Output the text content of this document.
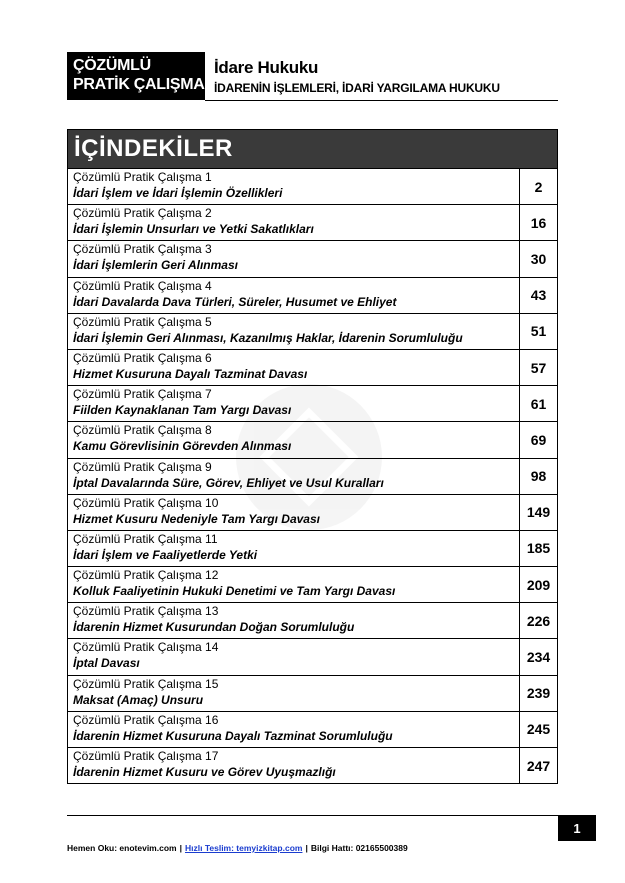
ÇÖZÜMLÜ
PRATİK ÇALIŞMA
İdare Hukuku
İDARENİN İŞLEMLERİ, İDARİ YARGILAMA HUKUKU
İÇİNDEKİLER
Çözümlü Pratik Çalışma 1
İdari İşlem ve İdari İşlemin Özellikleri	2
Çözümlü Pratik Çalışma 2
İdari İşlemin Unsurları ve Yetki Sakatlıkları	16
Çözümlü Pratik Çalışma 3
İdari İşlemlerin Geri Alınması	30
Çözümlü Pratik Çalışma 4
İdari Davalarda Dava Türleri, Süreler, Husumet ve Ehliyet	43
Çözümlü Pratik Çalışma 5
İdari İşlemin Geri Alınması, Kazanılmış Haklar, İdarenin Sorumluluğu	51
Çözümlü Pratik Çalışma 6
Hizmet Kusuruna Dayalı Tazminat Davası	57
Çözümlü Pratik Çalışma 7
Fiilden Kaynaklanan Tam Yargı Davası	61
Çözümlü Pratik Çalışma 8
Kamu Görevlisinin Görevden Alınması	69
Çözümlü Pratik Çalışma 9
İptal Davalarında Süre, Görev, Ehliyet ve Usul Kuralları	98
Çözümlü Pratik Çalışma 10
Hizmet Kusuru Nedeniyle Tam Yargı Davası	149
Çözümlü Pratik Çalışma 11
İdari İşlem ve Faaliyetlerde Yetki	185
Çözümlü Pratik Çalışma 12
Kolluk Faaliyetinin Hukuki Denetimi ve Tam Yargı Davası	209
Çözümlü Pratik Çalışma 13
İdarenin Hizmet Kusurundan Doğan Sorumluluğu	226
Çözümlü Pratik Çalışma 14
İptal Davası	234
Çözümlü Pratik Çalışma 15
Maksat (Amaç) Unsuru	239
Çözümlü Pratik Çalışma 16
İdarenin Hizmet Kusuruna Dayalı Tazminat Sorumluluğu	245
Çözümlü Pratik Çalışma 17
İdarenin Hizmet Kusuru ve Görev Uyuşmazlığı	247
1
Hemen Oku: enotevim.com | Hızlı Teslim: temyizkitap.com | Bilgi Hattı: 02165500389
